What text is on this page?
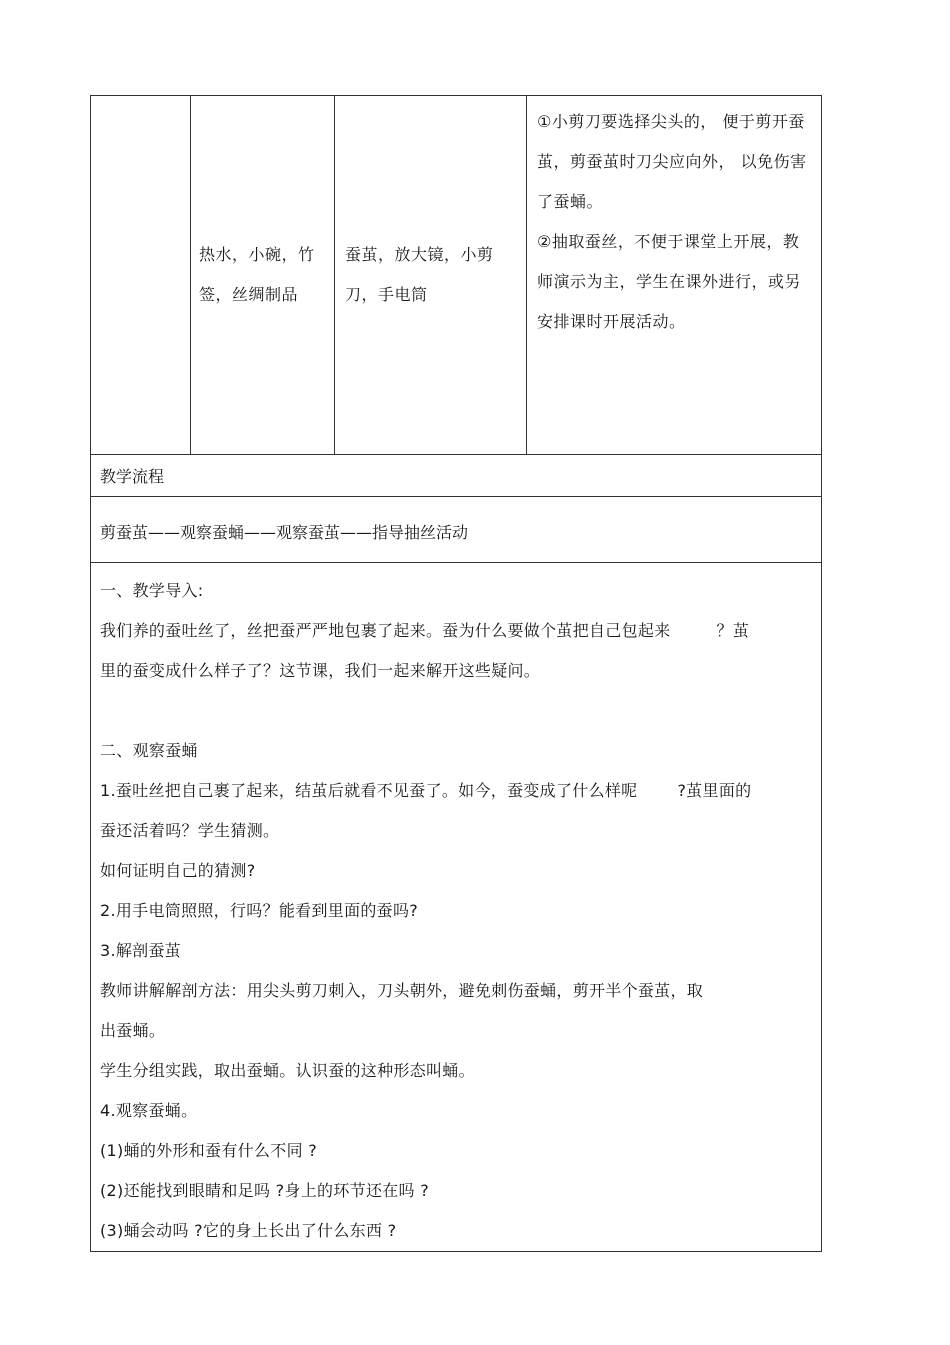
热水，小碗，竹签，丝绸制品
蚕茧，放大镜，小剪刀，手电筒

①小剪刀要选择尖头的， 便于剪开蚕茧，剪蚕茧时刀尖应向外， 以免伤害了蚕蛹。

②抽取蚕丝，不便于课堂上开展，教师演示为主，学生在课外进行，或另安排课时开展活动。

教学流程
剪蚕茧——观察蚕蛹——观察蚕茧——指导抽丝活动

一、教学导入:

我们养的蚕吐丝了，丝把蚕严严地包裹了起来。蚕为什么要做个茧把自己包起来	？茧

里的蚕变成什么样子了？这节课，我们一起来解开这些疑问。

二、观察蚕蛹

1.蚕吐丝把自己裹了起来，结茧后就看不见蚕了。如今，蚕变成了什么样呢	?茧里面的

蚕还活着吗？学生猜测。

如何证明自己的猜测?

2.用手电筒照照，行吗？能看到里面的蚕吗?

3.解剖蚕茧

教师讲解解剖方法：用尖头剪刀刺入，刀头朝外，避免刺伤蚕蛹，剪开半个蚕茧，取

出蚕蛹。

学生分组实践，取出蚕蛹。认识蚕的这种形态叫蛹。

4.观察蚕蛹。

(1)蛹的外形和蚕有什么不同 ?

(2)还能找到眼睛和足吗 ?身上的环节还在吗 ?

(3)蛹会动吗 ?它的身上长出了什么东西 ?
